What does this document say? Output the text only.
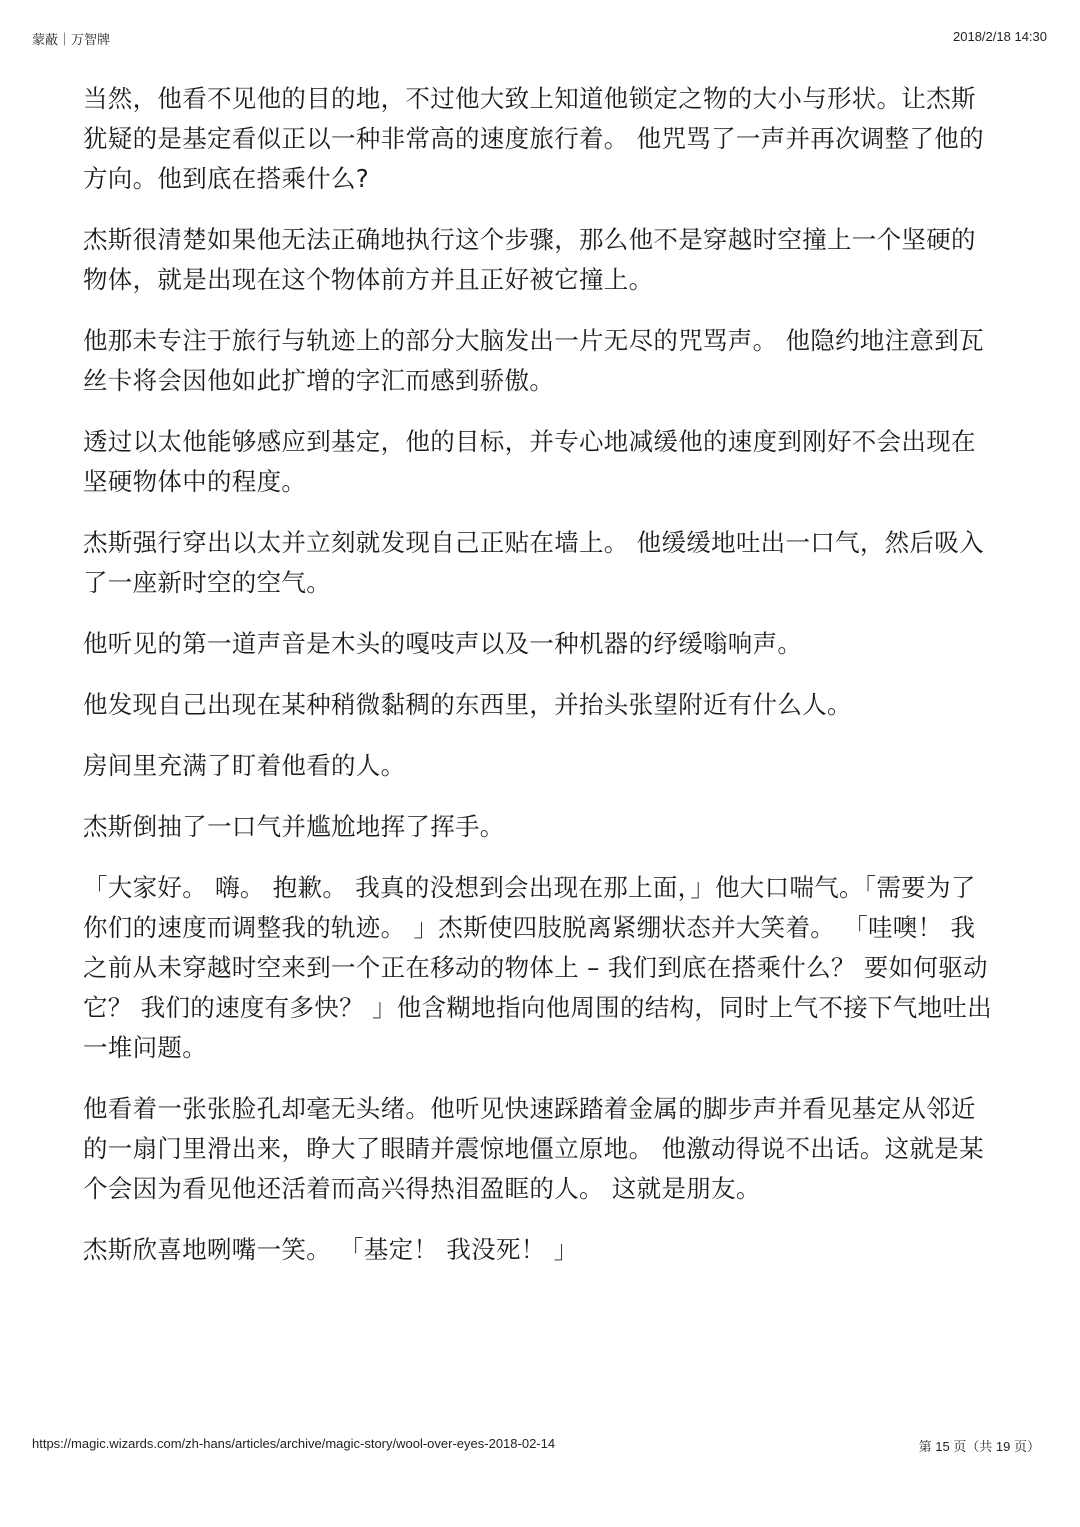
蒙蔽｜万智牌	2018/2/18 14:30

当然，他看不见他的目的地，不过他大致上知道他锁定之物的大小与形状。让杰斯犹疑的是基定看似正以一种非常高的速度旅行着。 他咒骂了一声并再次调整了他的方向。他到底在搭乘什么?

杰斯很清楚如果他无法正确地执行这个步骤，那么他不是穿越时空撞上一个坚硬的物体，就是出现在这个物体前方并且正好被它撞上。

他那未专注于旅行与轨迹上的部分大脑发出一片无尽的咒骂声。 他隐约地注意到瓦丝卡将会因他如此扩增的字汇而感到骄傲。

透过以太他能够感应到基定，他的目标，并专心地减缓他的速度到刚好不会出现在坚硬物体中的程度。

杰斯强行穿出以太并立刻就发现自己正贴在墙上。 他缓缓地吐出一口气，然后吸入了一座新时空的空气。

他听见的第一道声音是木头的嘎吱声以及一种机器的纾缓嗡响声。

他发现自己出现在某种稍微黏稠的东西里，并抬头张望附近有什么人。

房间里充满了盯着他看的人。

杰斯倒抽了一口气并尴尬地挥了挥手。

「大家好。 嗨。 抱歉。 我真的没想到会出现在那上面，」他大口喘气。「需要为了你们的速度而调整我的轨迹。 」杰斯使四肢脱离紧绷状态并大笑着。 「哇噢！ 我之前从未穿越时空来到一个正在移动的物体上 – 我们到底在搭乘什么？ 要如何驱动它？ 我们的速度有多快？ 」他含糊地指向他周围的结构，同时上气不接下气地吐出一堆问题。

他看着一张张脸孔却毫无头绪。他听见快速踩踏着金属的脚步声并看见基定从邻近的一扇门里滑出来，睁大了眼睛并震惊地僵立原地。 他激动得说不出话。这就是某个会因为看见他还活着而高兴得热泪盈眶的人。 这就是朋友。

杰斯欣喜地咧嘴一笑。 「基定！ 我没死！ 」

https://magic.wizards.com/zh-hans/articles/archive/magic-story/wool-over-eyes-2018-02-14	第 15 页（共 19 页）
